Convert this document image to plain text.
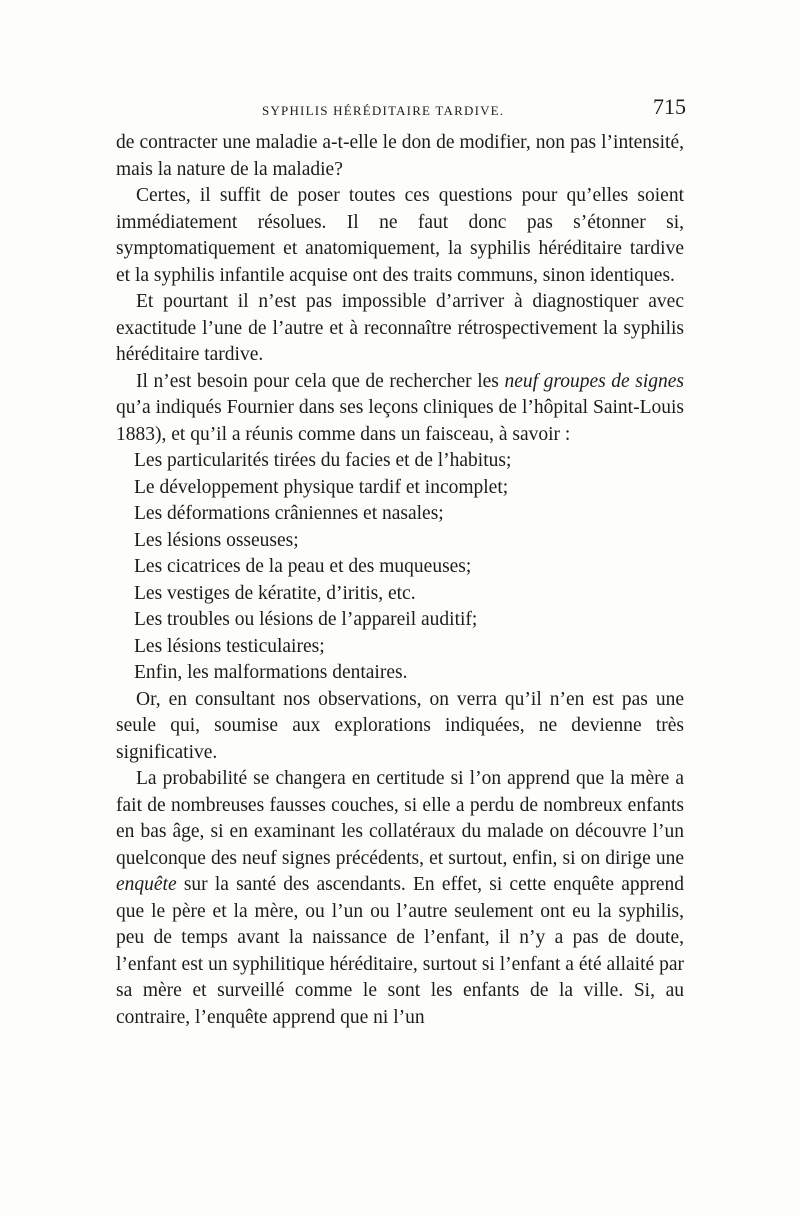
SYPHILIS HÉRÉDITAIRE TARDIVE.	715

de contracter une maladie a-t-elle le don de modifier, non pas l’intensité, mais la nature de la maladie?

Certes, il suffit de poser toutes ces questions pour qu’elles soient immédiatement résolues. Il ne faut donc pas s’étonner si, symptomatiquement et anatomiquement, la syphilis héréditaire tardive et la syphilis infantile acquise ont des traits communs, sinon identiques.

Et pourtant il n’est pas impossible d’arriver à diagnostiquer avec exactitude l’une de l’autre et à reconnaître rétrospectivement la syphilis héréditaire tardive.

Il n’est besoin pour cela que de rechercher les neuf groupes de signes qu’a indiqués Fournier dans ses leçons cliniques de l’hôpital Saint-Louis 1883), et qu’il a réunis comme dans un faisceau, à savoir :

Les particularités tirées du facies et de l’habitus;
Le développement physique tardif et incomplet;
Les déformations crâniennes et nasales;
Les lésions osseuses;
Les cicatrices de la peau et des muqueuses;
Les vestiges de kératite, d’iritis, etc.
Les troubles ou lésions de l’appareil auditif;
Les lésions testiculaires;
Enfin, les malformations dentaires.

Or, en consultant nos observations, on verra qu’il n’en est pas une seule qui, soumise aux explorations indiquées, ne devienne très significative.

La probabilité se changera en certitude si l’on apprend que la mère a fait de nombreuses fausses couches, si elle a perdu de nombreux enfants en bas âge, si en examinant les collatéraux du malade on découvre l’un quelconque des neuf signes précédents, et surtout, enfin, si on dirige une enquête sur la santé des ascendants. En effet, si cette enquête apprend que le père et la mère, ou l’un ou l’autre seulement ont eu la syphilis, peu de temps avant la naissance de l’enfant, il n’y a pas de doute, l’enfant est un syphilitique héréditaire, surtout si l’enfant a été allaité par sa mère et surveillé comme le sont les enfants de la ville. Si, au contraire, l’enquête apprend que ni l’un
